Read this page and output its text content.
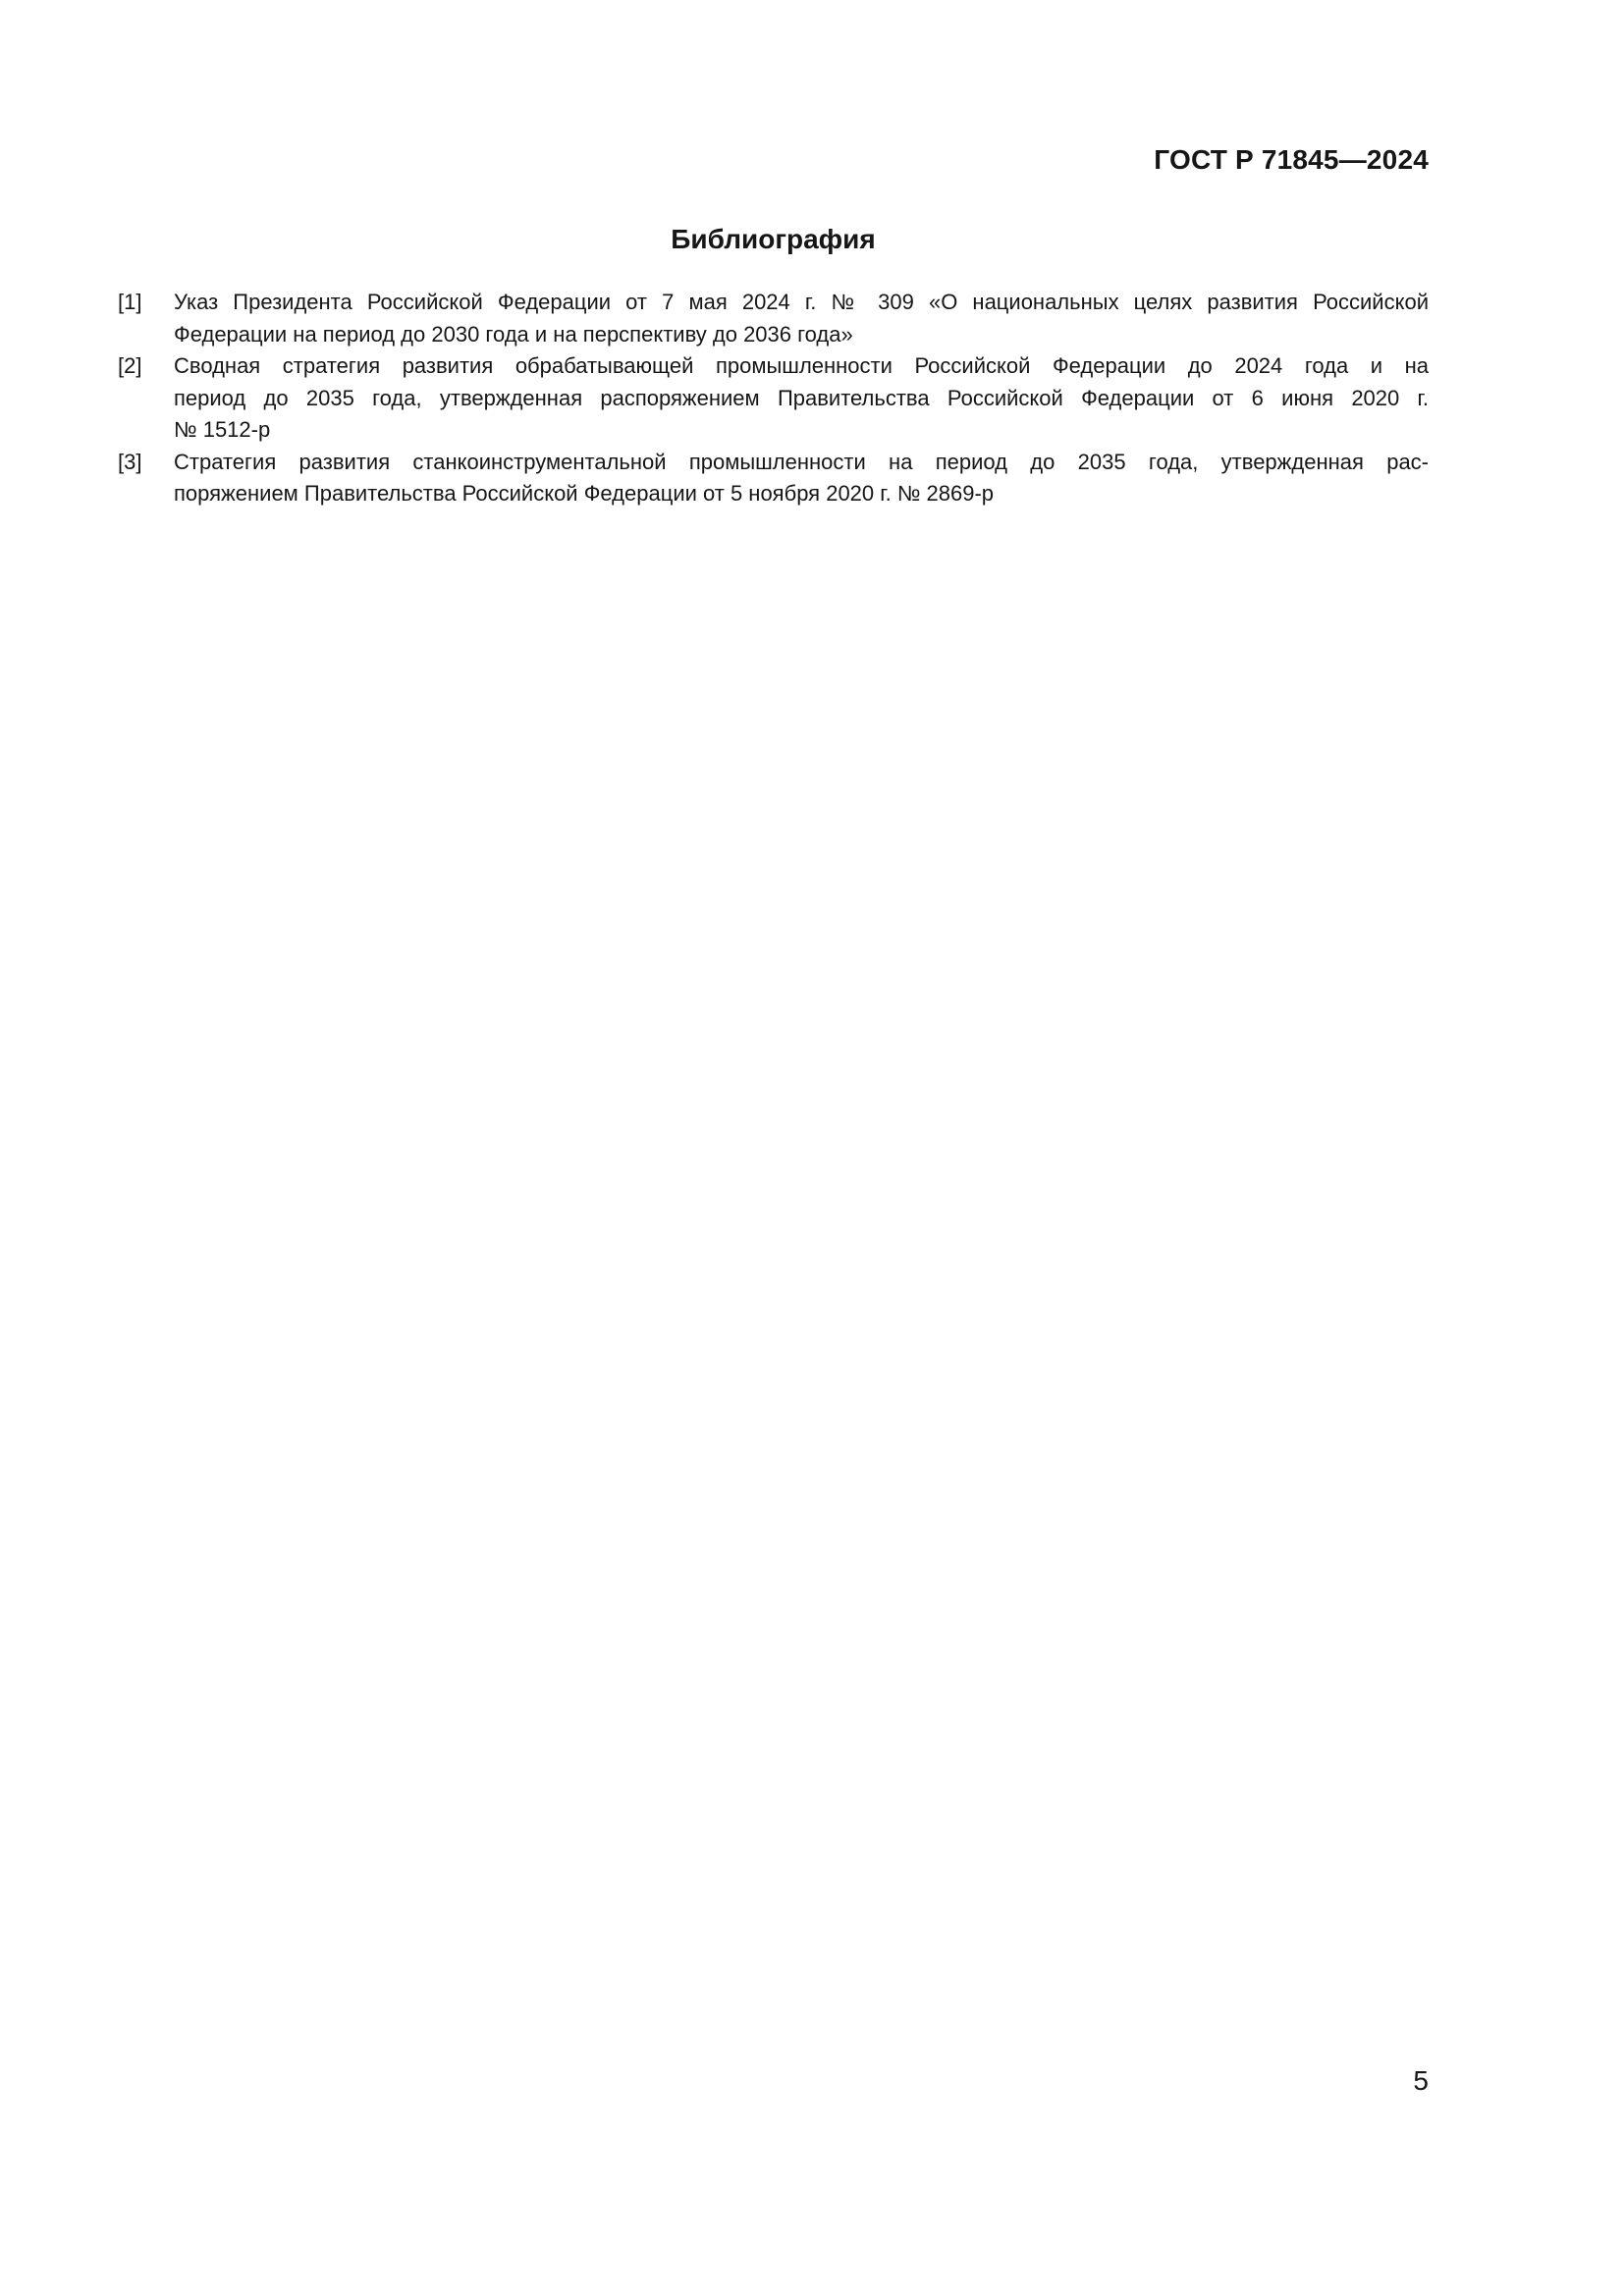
ГОСТ Р 71845—2024
Библиография
[1]	Указ Президента Российской Федерации от 7 мая 2024 г. № 309 «О национальных целях развития Российской
Федерации на период до 2030 года и на перспективу до 2036 года»
[2]	Сводная стратегия развития обрабатывающей промышленности Российской Федерации до 2024 года и на
период до 2035 года, утвержденная распоряжением Правительства Российской Федерации от 6 июня 2020 г.
№ 1512-р
[3]	Стратегия развития станкоинструментальной промышленности на период до 2035 года, утвержденная рас-
поряжением Правительства Российской Федерации от 5 ноября 2020 г. № 2869-р
5
